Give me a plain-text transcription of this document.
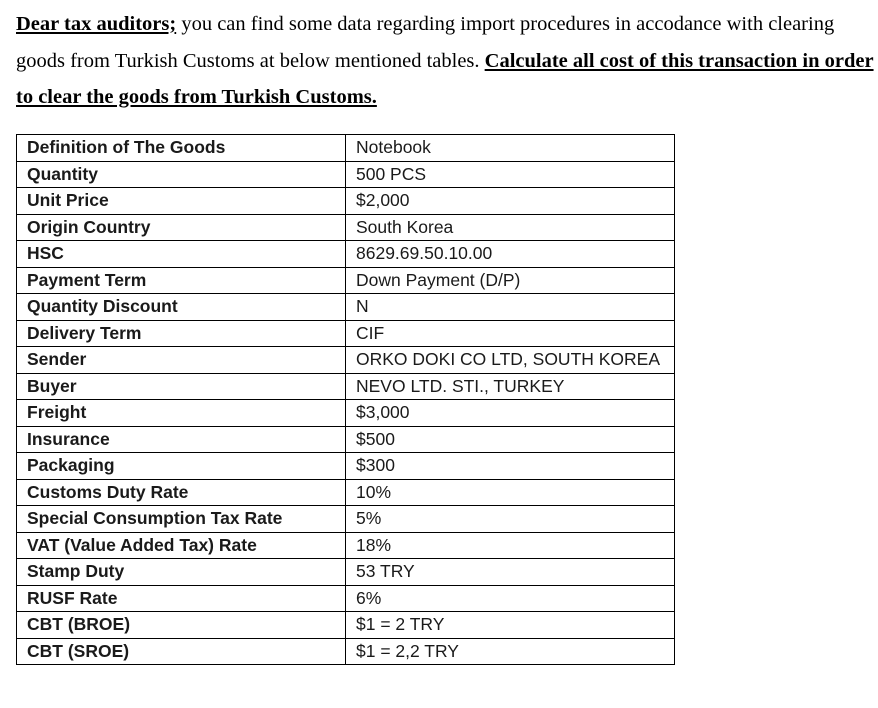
Dear tax auditors; you can find some data regarding import procedures in accodance with clearing
goods from Turkish Customs at below mentioned tables. Calculate all cost of this transaction in order
to clear the goods from Turkish Customs.
Definition of The Goods	Notebook
Quantity	500 PCS
Unit Price	$2,000
Origin Country	South Korea
HSC	8629.69.50.10.00
Payment Term	Down Payment (D/P)
Quantity Discount	N
Delivery Term	CIF
Sender	ORKO DOKI CO LTD, SOUTH KOREA
Buyer	NEVO LTD. STI., TURKEY
Freight	$3,000
Insurance	$500
Packaging	$300
Customs Duty Rate	10%
Special Consumption Tax Rate	5%
VAT (Value Added Tax) Rate	18%
Stamp Duty	53 TRY
RUSF Rate	6%
CBT (BROE)	$1 = 2 TRY
CBT (SROE)	$1 = 2,2 TRY
